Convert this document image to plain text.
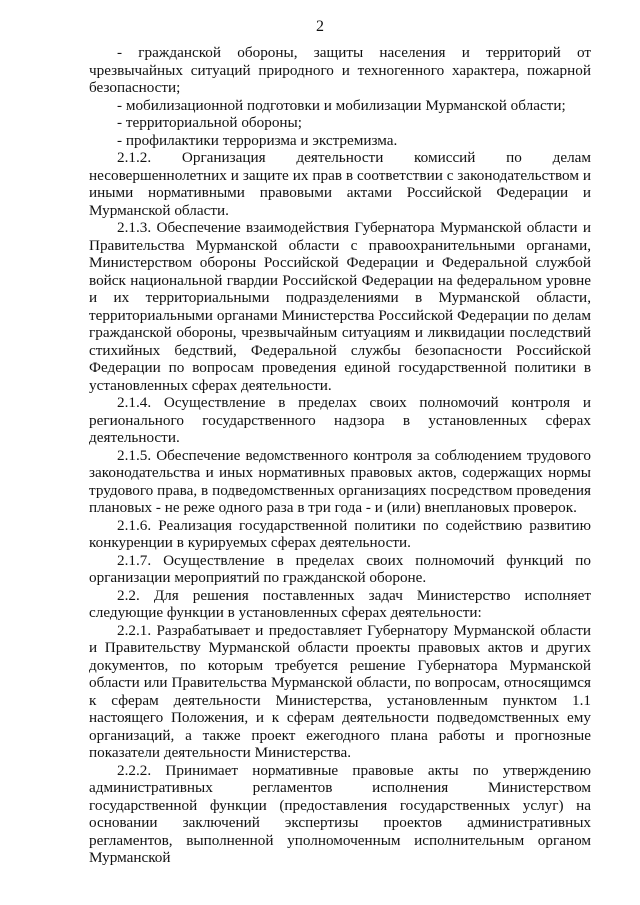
2

- гражданской обороны, защиты населения и территорий от чрезвычайных ситуаций природного и техногенного характера, пожарной безопасности;

- мобилизационной подготовки и мобилизации Мурманской области;

- территориальной обороны;

- профилактики терроризма и экстремизма.

2.1.2. Организация деятельности комиссий по делам несовершеннолетних и защите их прав в соответствии с законодательством и иными нормативными правовыми актами Российской Федерации и Мурманской области.

2.1.3. Обеспечение взаимодействия Губернатора Мурманской области и Правительства Мурманской области с правоохранительными органами, Министерством обороны Российской Федерации и Федеральной службой войск национальной гвардии Российской Федерации на федеральном уровне и их территориальными подразделениями в Мурманской области, территориальными органами Министерства Российской Федерации по делам гражданской обороны, чрезвычайным ситуациям и ликвидации последствий стихийных бедствий, Федеральной службы безопасности Российской Федерации по вопросам проведения единой государственной политики в установленных сферах деятельности.

2.1.4. Осуществление в пределах своих полномочий контроля и регионального государственного надзора в установленных сферах деятельности.

2.1.5. Обеспечение ведомственного контроля за соблюдением трудового законодательства и иных нормативных правовых актов, содержащих нормы трудового права, в подведомственных организациях посредством проведения плановых - не реже одного раза в три года - и (или) внеплановых проверок.

2.1.6. Реализация государственной политики по содействию развитию конкуренции в курируемых сферах деятельности.

2.1.7. Осуществление в пределах своих полномочий функций по организации мероприятий по гражданской обороне.

2.2. Для решения поставленных задач Министерство исполняет следующие функции в установленных сферах деятельности:

2.2.1. Разрабатывает и предоставляет Губернатору Мурманской области и Правительству Мурманской области проекты правовых актов и других документов, по которым требуется решение Губернатора Мурманской области или Правительства Мурманской области, по вопросам, относящимся к сферам деятельности Министерства, установленным пунктом 1.1 настоящего Положения, и к сферам деятельности подведомственных ему организаций, а также проект ежегодного плана работы и прогнозные показатели деятельности Министерства.

2.2.2. Принимает нормативные правовые акты по утверждению административных регламентов исполнения Министерством государственной функции (предоставления государственных услуг) на основании заключений экспертизы проектов административных регламентов, выполненной уполномоченным исполнительным органом Мурманской
